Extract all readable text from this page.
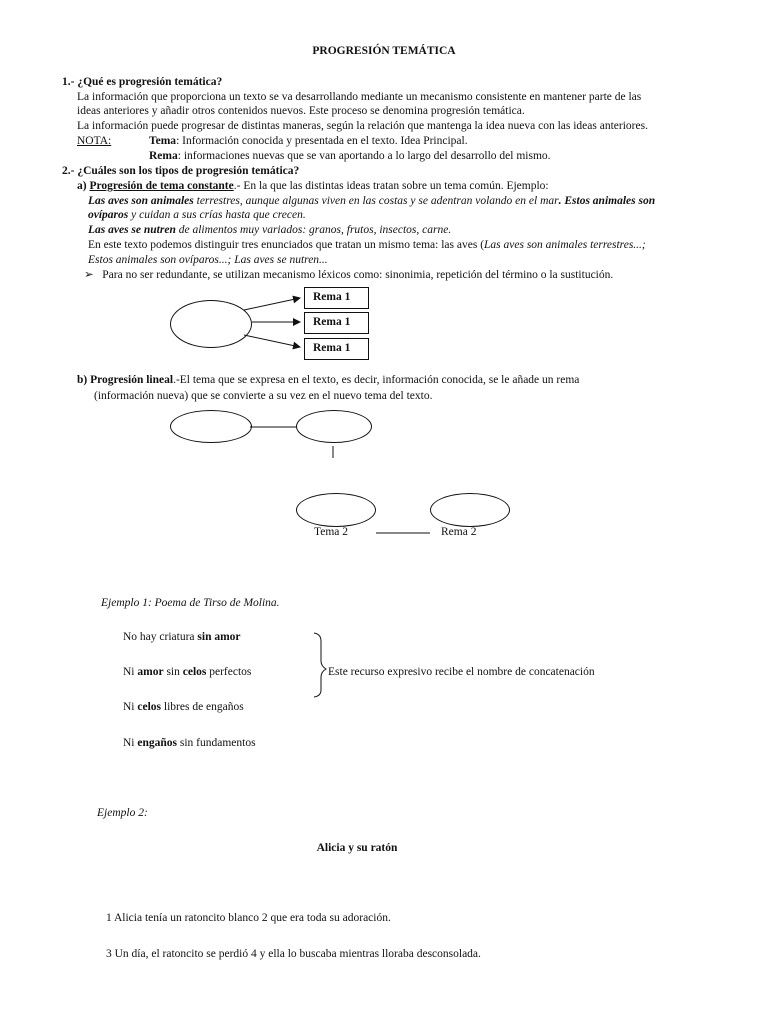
PROGRESIÓN TEMÁTICA
1.- ¿Qué es progresión temática?
La información que proporciona un texto se va desarrollando mediante un mecanismo consistente en mantener parte de las
ideas anteriores y añadir otros contenidos nuevos. Este proceso se denomina progresión temática.
La información puede progresar de distintas maneras, según la relación que mantenga la idea nueva con las ideas anteriores.
NOTA:	Tema: Información conocida y presentada en el texto. Idea Principal.
Rema: informaciones nuevas que se van aportando a lo largo del desarrollo del mismo.
2.- ¿Cuáles son los tipos de progresión temática?
a) Progresión de tema constante.- En la que las distintas ideas tratan sobre un tema común. Ejemplo:
Las aves son animales terrestres, aunque algunas viven en las costas y se adentran volando en el mar. Estos animales son
ovíparos y cuidan a sus crías hasta que crecen.
Las aves se nutren de alimentos muy variados: granos, frutos, insectos, carne.
En este texto podemos distinguir tres enunciados que tratan un mismo tema: las aves (Las aves son animales terrestres...;
Estos animales son ovíparos...; Las aves se nutren...
➢ Para no ser redundante, se utilizan mecanismo léxicos como: sinonimia, repetición del término o la sustitución.
Rema 1
Rema 1
Rema 1
b) Progresión lineal.-El tema que se expresa en el texto, es decir, información conocida, se le añade un rema
(información nueva) que se convierte a su vez en el nuevo tema del texto.
Tema 2	Rema 2
Ejemplo 1: Poema de Tirso de Molina.
No hay criatura sin amor
Ni amor sin celos perfectos
Ni celos libres de engaños
Ni engaños sin fundamentos
Este recurso expresivo recibe el nombre de concatenación
Ejemplo 2:
Alicia y su ratón
1 Alicia tenía un ratoncito blanco 2 que era toda su adoración.
3 Un día, el ratoncito se perdió 4 y ella lo buscaba mientras lloraba desconsolada.
